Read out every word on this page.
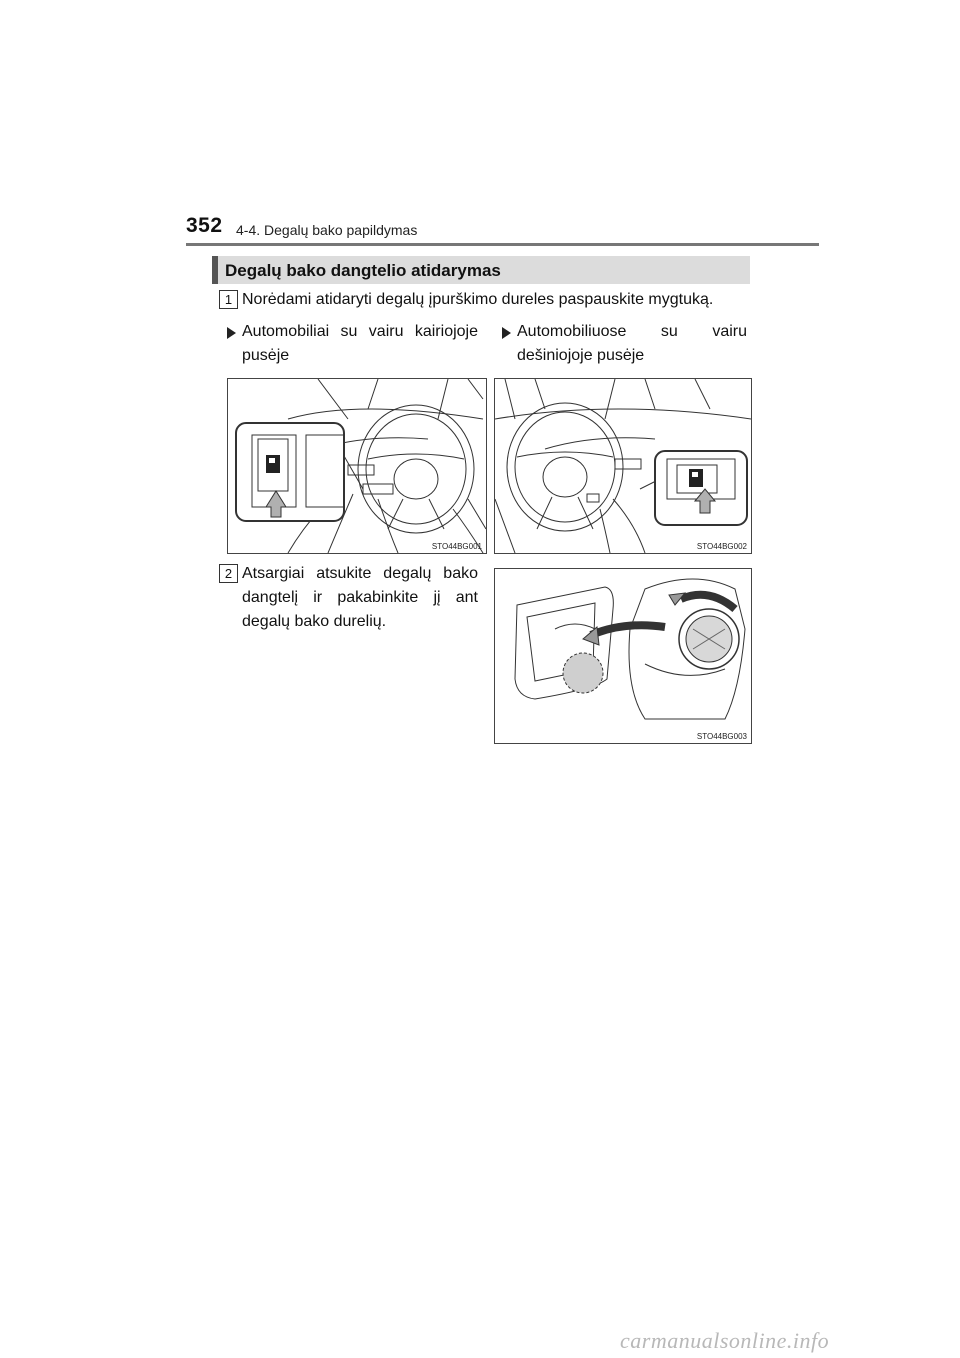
352 4-4. Degalų bako papildymas
Degalų bako dangtelio atidarymas
1 Norėdami atidaryti degalų įpurškimo dureles paspauskite mygtuką.
Automobiliai su vairu kairiojoje pusėje
Automobiliuose su vairu dešiniojoje pusėje
STO44BG001	STO44BG002
2 Atsargiai atsukite degalų bako dangtelį ir pakabinkite jį ant degalų bako durelių.
STO44BG003
carmanualsonline.info
